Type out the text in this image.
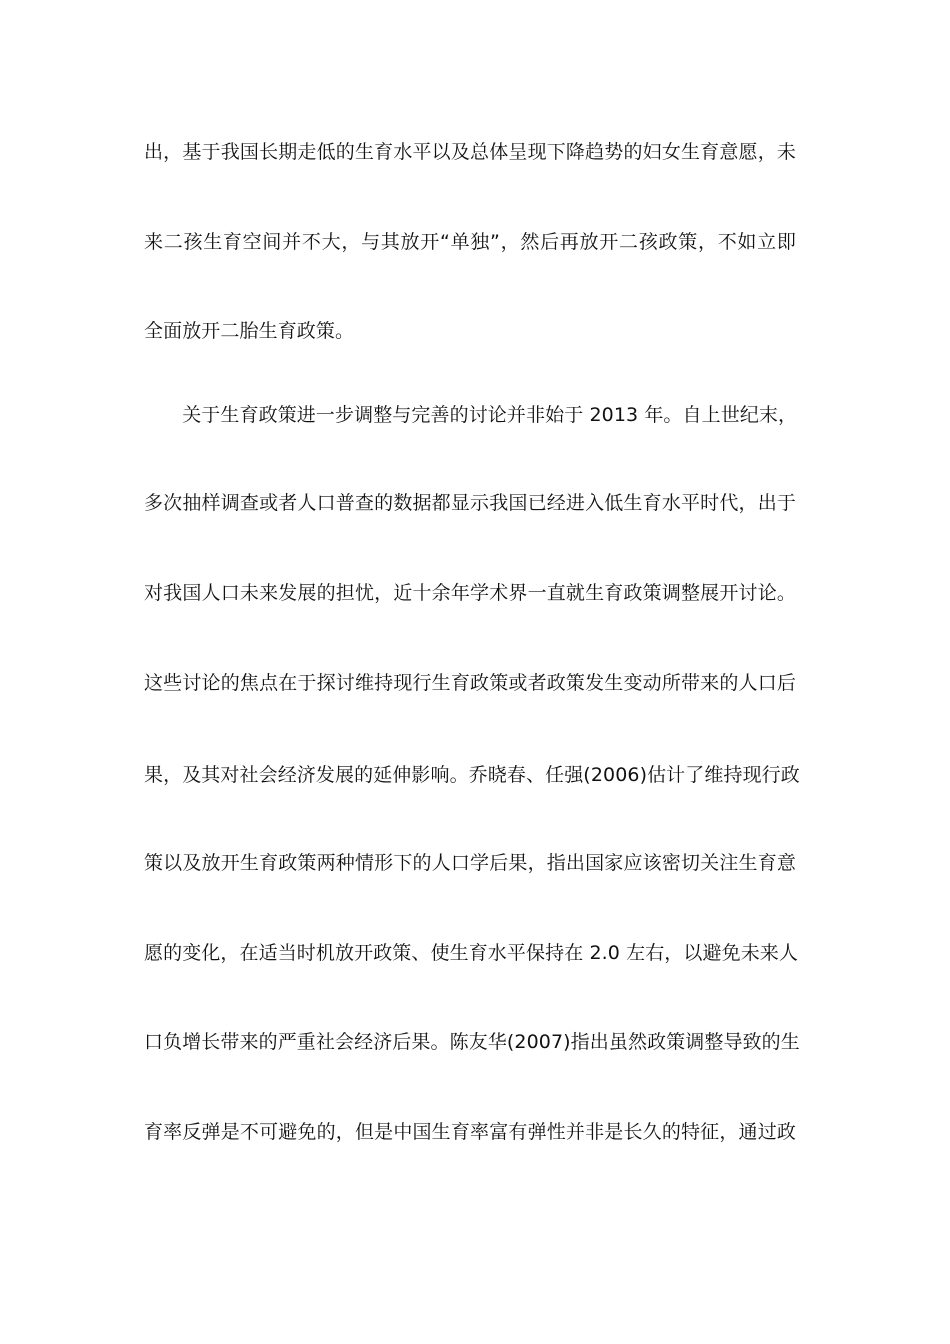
出，基于我国长期走低的生育水平以及总体呈现下降趋势的妇女生育意愿，未
来二孩生育空间并不大，与其放开“单独”，然后再放开二孩政策，不如立即
全面放开二胎生育政策。
　　关于生育政策进一步调整与完善的讨论并非始于 2013 年。自上世纪末，
多次抽样调查或者人口普查的数据都显示我国已经进入低生育水平时代，出于
对我国人口未来发展的担忧，近十余年学术界一直就生育政策调整展开讨论。
这些讨论的焦点在于探讨维持现行生育政策或者政策发生变动所带来的人口后
果，及其对社会经济发展的延伸影响。乔晓春、任强(2006)估计了维持现行政
策以及放开生育政策两种情形下的人口学后果，指出国家应该密切关注生育意
愿的变化，在适当时机放开政策、使生育水平保持在 2.0 左右，以避免未来人
口负增长带来的严重社会经济后果。陈友华(2007)指出虽然政策调整导致的生
育率反弹是不可避免的，但是中国生育率富有弹性并非是长久的特征，通过政
